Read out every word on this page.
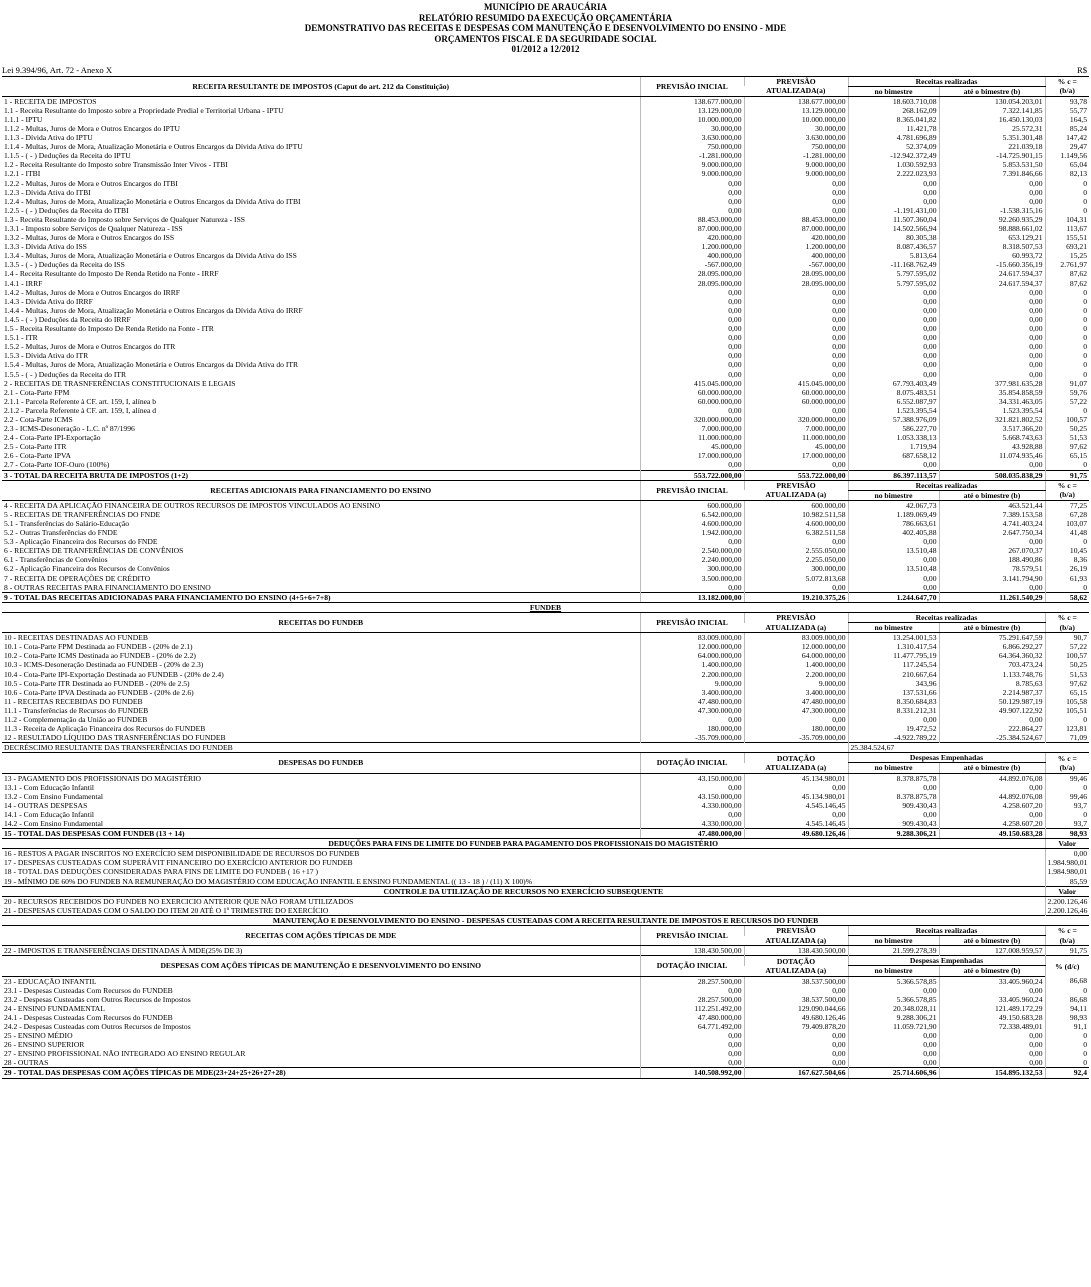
MUNICÍPIO DE ARAUCÁRIA
RELATÓRIO RESUMIDO DA EXECUÇÃO ORÇAMENTÁRIA
DEMONSTRATIVO DAS RECEITAS E DESPESAS COM MANUTENÇÃO E DESENVOLVIMENTO DO ENSINO - MDE
ORÇAMENTOS FISCAL E DA SEGURIDADE SOCIAL
01/2012 a 12/2012
Lei 9.394/96, Art. 72 - Anexo X	R$
RECEITA RESULTANTE DE IMPOSTOS (Caput do art. 212 da Constituição)	PREVISÃO INICIAL	PREVISÃO	Receitas realizadas		% c =
		ATUALIZADA(a)	no bimestre	até o bimestre (b)	(b/a)
1 - RECEITA DE IMPOSTOS	138.677.000,00	138.677.000,00	18.603.710,08	130.054.203,01	93,78
1.1 - Receita Resultante do Imposto sobre a Propriedade Predial e Territorial Urbana - IPTU	13.129.000,00	13.129.000,00	268.162,09	7.322.141,85	55,77
1.1.1 - IPTU	10.000.000,00	10.000.000,00	8.365.041,82	16.450.130,03	164,5
1.1.2 - Multas, Juros de Mora e Outros Encargos do IPTU	30.000,00	30.000,00	11.421,78	25.572,31	85,24
1.1.3 - Dívida Ativa do IPTU	3.630.000,00	3.630.000,00	4.781.696,89	5.351.301,48	147,42
1.1.4 - Multas, Juros de Mora, Atualização Monetária e Outros Encargos da Dívida Ativa do IPTU	750.000,00	750.000,00	52.374,09	221.039,18	29,47
1.1.5 - ( - ) Deduções da Receita do IPTU	-1.281.000,00	-1.281.000,00	-12.942.372,49	-14.725.901,15	1.149,56
1.2 - Receita Resultante do Imposto sobre Transmissão Inter Vivos - ITBI	9.000.000,00	9.000.000,00	1.030.592,93	5.853.531,50	65,04
1.2.1 - ITBI	9.000.000,00	9.000.000,00	2.222.023,93	7.391.846,66	82,13
1.2.2 - Multas, Juros de Mora e Outros Encargos do ITBI	0,00	0,00	0,00	0,00	0
1.2.3 - Dívida Ativa do ITBI	0,00	0,00	0,00	0,00	0
1.2.4 - Multas, Juros de Mora, Atualização Monetária e Outros Encargos da Dívida Ativa do ITBI	0,00	0,00	0,00	0,00	0
1.2.5 - ( - ) Deduções da Receita do ITBI	0,00	0,00	-1.191.431,00	-1.538.315,16	0
1.3 - Receita Resultante do Imposto sobre Serviços de Qualquer Natureza - ISS	88.453.000,00	88.453.000,00	11.507.360,04	92.260.935,29	104,31
1.3.1 - Imposto sobre Serviços de Qualquer Natureza - ISS	87.000.000,00	87.000.000,00	14.502.566,94	98.888.661,02	113,67
1.3.2 - Multas, Juros de Mora e Outros Encargos do ISS	420.000,00	420.000,00	80.305,38	653.129,21	155,51
1.3.3 - Dívida Ativa do ISS	1.200.000,00	1.200.000,00	8.087.436,57	8.318.507,53	693,21
1.3.4 - Multas, Juros de Mora, Atualização Monetária e Outros Encargos da Dívida Ativa do ISS	400.000,00	400.000,00	5.813,64	60.993,72	15,25
1.3.5 - ( - ) Deduções da Receita do ISS	-567.000,00	-567.000,00	-11.168.762,49	-15.660.356,19	2.761,97
1.4 - Receita Resultante do Imposto De Renda Retido na Fonte - IRRF	28.095.000,00	28.095.000,00	5.797.595,02	24.617.594,37	87,62
1.4.1 - IRRF	28.095.000,00	28.095.000,00	5.797.595,02	24.617.594,37	87,62
1.4.2 - Multas, Juros de Mora e Outros Encargos do IRRF	0,00	0,00	0,00	0,00	0
1.4.3 - Dívida Ativa do IRRF	0,00	0,00	0,00	0,00	0
1.4.4 - Multas, Juros de Mora, Atualização Monetária e Outros Encargos da Dívida Ativa do IRRF	0,00	0,00	0,00	0,00	0
1.4.5 - ( - ) Deduções da Receita do IRRF	0,00	0,00	0,00	0,00	0
1.5 - Receita Resultante do Imposto De Renda Retido na Fonte - ITR	0,00	0,00	0,00	0,00	0
1.5.1 - ITR	0,00	0,00	0,00	0,00	0
1.5.2 - Multas, Juros de Mora e Outros Encargos do ITR	0,00	0,00	0,00	0,00	0
1.5.3 - Dívida Ativa do ITR	0,00	0,00	0,00	0,00	0
1.5.4 - Multas, Juros de Mora, Atualização Monetária e Outros Encargos da Dívida Ativa do ITR	0,00	0,00	0,00	0,00	0
1.5.5 - ( - ) Deduções da Receita do ITR	0,00	0,00	0,00	0,00	0
2 - RECEITAS DE TRASNFERÊNCIAS CONSTITUCIONAIS E LEGAIS	415.045.000,00	415.045.000,00	67.793.403,49	377.981.635,28	91,07
2.1 - Cota-Parte FPM	60.000.000,00	60.000.000,00	8.075.483,51	35.854.858,59	59,76
2.1.1 - Parcela Referente à CF. art. 159, I, alínea b	60.000.000,00	60.000.000,00	6.552.087,97	34.331.463,05	57,22
2.1.2 - Parcela Referente à CF. art. 159, I, alínea d	0,00	0,00	1.523.395,54	1.523.395,54	0
2.2 - Cota-Parte ICMS	320.000.000,00	320.000.000,00	57.388.976,09	321.821.802,52	100,57
2.3 - ICMS-Desoneração - L.C. nº 87/1996	7.000.000,00	7.000.000,00	586.227,70	3.517.366,20	50,25
2.4 - Cota-Parte IPI-Exportação	11.000.000,00	11.000.000,00	1.053.338,13	5.668.743,63	51,53
2.5 - Cota-Parte ITR	45.000,00	45.000,00	1.719,94	43.928,88	97,62
2.6 - Cota-Parte IPVA	17.000.000,00	17.000.000,00	687.658,12	11.074.935,46	65,15
2.7 - Cota-Parte IOF-Ouro (100%)	0,00	0,00	0,00	0,00	0
3 - TOTAL DA RECEITA BRUTA DE IMPOSTOS (1+2)	553.722.000,00	553.722.000,00	86.397.113,57	508.035.838,29	91,75
RECEITAS ADICIONAIS PARA FINANCIAMENTO DO ENSINO	PREVISÃO INICIAL	PREVISÃO	Receitas realizadas		% c =
		ATUALIZADA (a)	no bimestre	até o bimestre (b)	(b/a)
4 - RECEITA DA APLICAÇÃO FINANCEIRA DE OUTROS RECURSOS DE IMPOSTOS VINCULADOS AO ENSINO	600.000,00	600.000,00	42.067,73	463.521,44	77,25
5 - RECEITAS DE TRANFERÊNCIAS DO FNDE	6.542.000,00	10.982.511,58	1.189.069,49	7.389.153,58	67,28
5.1 - Transferências do Salário-Educação	4.600.000,00	4.600.000,00	786.663,61	4.741.403,24	103,07
5.2 - Outras Transferências do FNDE	1.942.000,00	6.382.511,58	402.405,88	2.647.750,34	41,48
5.3 - Aplicação Financeira dos Recursos do FNDE	0,00	0,00	0,00	0,00	0
6 - RECEITAS DE TRANFERÊNCIAS DE CONVÊNIOS	2.540.000,00	2.555.050,00	13.510,48	267.070,37	10,45
6.1 - Transferências de Convênios	2.240.000,00	2.255.050,00	0,00	188.490,86	8,36
6.2 - Aplicação Financeira dos Recursos de Convênios	300.000,00	300.000,00	13.510,48	78.579,51	26,19
7 - RECEITA DE OPERAÇÕES DE CRÉDITO	3.500.000,00	5.072.813,68	0,00	3.141.794,90	61,93
8 - OUTRAS RECEITAS PARA FINANCIAMENTO DO ENSINO	0,00	0,00	0,00	0,00	0
9 - TOTAL DAS RECEITAS ADICIONADAS PARA FINANCIAMENTO DO ENSINO (4+5+6+7+8)	13.182.000,00	19.210.375,26	1.244.647,70	11.261.540,29	58,62
FUNDEB					
RECEITAS DO FUNDEB	PREVISÃO INICIAL	PREVISÃO	Receitas realizadas		% c =
		ATUALIZADA (a)	no bimestre	até o bimestre (b)	(b/a)
10 - RECEITAS DESTINADAS AO FUNDEB	83.009.000,00	83.009.000,00	13.254.001,53	75.291.647,59	90,7
10.1 - Cota-Parte FPM Destinada ao FUNDEB - (20% de 2.1)	12.000.000,00	12.000.000,00	1.310.417,54	6.866.292,27	57,22
10.2 - Cota-Parte ICMS Destinada ao FUNDEB - (20% de 2.2)	64.000.000,00	64.000.000,00	11.477.795,19	64.364.360,32	100,57
10.3 - ICMS-Desoneração Destinada ao FUNDEB - (20% de 2.3)	1.400.000,00	1.400.000,00	117.245,54	703.473,24	50,25
10.4 - Cota-Parte IPI-Exportação Destinada ao FUNDEB - (20% de 2.4)	2.200.000,00	2.200.000,00	210.667,64	1.133.748,76	51,53
10.5 - Cota-Parte ITR Destinada ao FUNDEB - (20% de 2.5)	9.000,00	9.000,00	343,96	8.785,63	97,62
10.6 - Cota-Parte IPVA Destinada ao FUNDEB - (20% de 2.6)	3.400.000,00	3.400.000,00	137.531,66	2.214.987,37	65,15
11 - RECEITAS RECEBIDAS DO FUNDEB	47.480.000,00	47.480.000,00	8.350.684,83	50.129.987,19	105,58
11.1 - Transferências de Recursos do FUNDEB	47.300.000,00	47.300.000,00	8.331.212,31	49.907.122,92	105,51
11.2 - Complementação da União ao FUNDEB	0,00	0,00	0,00	0,00	0
11.3 - Receita de Aplicação Financeira dos Recursos do FUNDEB	180.000,00	180.000,00	19.472,52	222.864,27	123,81
12 - RESULTADO LÍQUIDO DAS TRASNFERÊNCIAS DO FUNDEB	-35.709.000,00	-35.709.000,00	-4.922.789,22	-25.384.524,67	71,09
DECRÉSCIMO RESULTANTE DAS TRANSFERÊNCIAS DO FUNDEB			25.384.524,67		
DESPESAS DO FUNDEB	DOTAÇÃO INICIAL	DOTAÇÃO	Despesas Empenhadas		% c =
		ATUALIZADA (a)	no bimestre	até o bimestre (b)	(b/a)
13 - PAGAMENTO DOS PROFISSIONAIS DO MAGISTÉRIO	43.150.000,00	45.134.980,01	8.378.875,78	44.892.076,08	99,46
13.1 - Com Educação Infantil	0,00	0,00	0,00	0,00	0
13.2 - Com Ensino Fundamental	43.150.000,00	45.134.980,01	8.378.875,78	44.892.076,08	99,46
14 - OUTRAS DESPESAS	4.330.000,00	4.545.146,45	909.430,43	4.258.607,20	93,7
14.1 - Com Educação Infantil	0,00	0,00	0,00	0,00	0
14.2 - Com Ensino Fundamental	4.330.000,00	4.545.146,45	909.430,43	4.258.607,20	93,7
15 - TOTAL DAS DESPESAS COM FUNDEB (13 + 14)	47.480.000,00	49.680.126,46	9.288.306,21	49.150.683,28	98,93
DEDUÇÕES PARA FINS DE LIMITE DO FUNDEB PARA PAGAMENTO DOS PROFISSIONAIS DO MAGISTÉRIO					Valor
16 - RESTOS A PAGAR INSCRITOS NO EXERCÍCIO SEM DISPONIBILIDADE DE RECURSOS DO FUNDEB					0,00
17 - DESPESAS CUSTEADAS COM SUPERÁVIT FINANCEIRO DO EXERCÍCIO ANTERIOR DO FUNDEB					1.984.980,01
18 - TOTAL DAS DEDUÇÕES CONSIDERADAS PARA FINS DE LIMITE DO FUNDEB ( 16 +17 )					1.984.980,01
19 - MÍNIMO DE 60% DO FUNDEB NA REMUNERAÇÃO DO MAGISTÉRIO COM EDUCAÇÃO INFANTIL E ENSINO FUNDAMENTAL (( 13 - 18 ) / (11) X 100)%					85,59
CONTROLE DA UTILIZAÇÃO DE RECURSOS NO EXERCÍCIO SUBSEQUENTE					Valor
20 - RECURSOS RECEBIDOS DO FUNDEB NO EXERCICIO ANTERIOR QUE NÃO FORAM UTILIZADOS					2.200.126,46
21 - DESPESAS CUSTEADAS COM O SALDO DO ITEM 20 ATÉ O 1º TRIMESTRE DO EXERCÍCIO					2.200.126,46
MANUTENÇÃO E DESENVOLVIMENTO DO ENSINO - DESPESAS CUSTEADAS COM A RECEITA RESULTANTE DE IMPOSTOS E RECURSOS DO FUNDEB					
RECEITAS COM AÇÕES TÍPICAS DE MDE	PREVISÃO INICIAL	PREVISÃO	Receitas realizadas		% c =
		ATUALIZADA (a)	no bimestre	até o bimestre (b)	(b/a)
22 - IMPOSTOS E TRANSFERÊNCIAS DESTINADAS À MDE(25% DE 3)	138.430.500,00	138.430.500,00	21.599.278,39	127.008.959,57	91,75
DESPESAS COM AÇÕES TÍPICAS DE MANUTENÇÃO E DESENVOLVIMENTO DO ENSINO	DOTAÇÃO INICIAL	DOTAÇÃO	Despesas Empenhadas		% (d/c)
		ATUALIZADA (a)	no bimestre	até o bimestre (b)	
23 - EDUCAÇÃO INFANTIL	28.257.500,00	38.537.500,00	5.366.578,85	33.405.960,24	86,68
23.1 - Despesas Custeadas Com Recursos do FUNDEB	0,00	0,00	0,00	0,00	0
23.2 - Despesas Custeadas com Outros Recursos de Impostos	28.257.500,00	38.537.500,00	5.366.578,85	33.405.960,24	86,68
24 - ENSINO FUNDAMENTAL	112.251.492,00	129.090.044,66	20.348.028,11	121.489.172,29	94,11
24.1 - Despesas Custeadas Com Recursos do FUNDEB	47.480.000,00	49.680.126,46	9.288.306,21	49.150.683,28	98,93
24.2 - Despesas Custeadas com Outros Recursos de Impostos	64.771.492,00	79.409.878,20	11.059.721,90	72.338.489,01	91,1
25 - ENSINO MÉDIO	0,00	0,00	0,00	0,00	0
26 - ENSINO SUPERIOR	0,00	0,00	0,00	0,00	0
27 - ENSINO PROFISSIONAL NÃO INTEGRADO AO ENSINO REGULAR	0,00	0,00	0,00	0,00	0
28 - OUTRAS	0,00	0,00	0,00	0,00	0
29 - TOTAL DAS DESPESAS COM AÇÕES TÍPICAS DE MDE(23+24+25+26+27+28)	140.508.992,00	167.627.504,66	25.714.606,96	154.895.132,53	92,4
